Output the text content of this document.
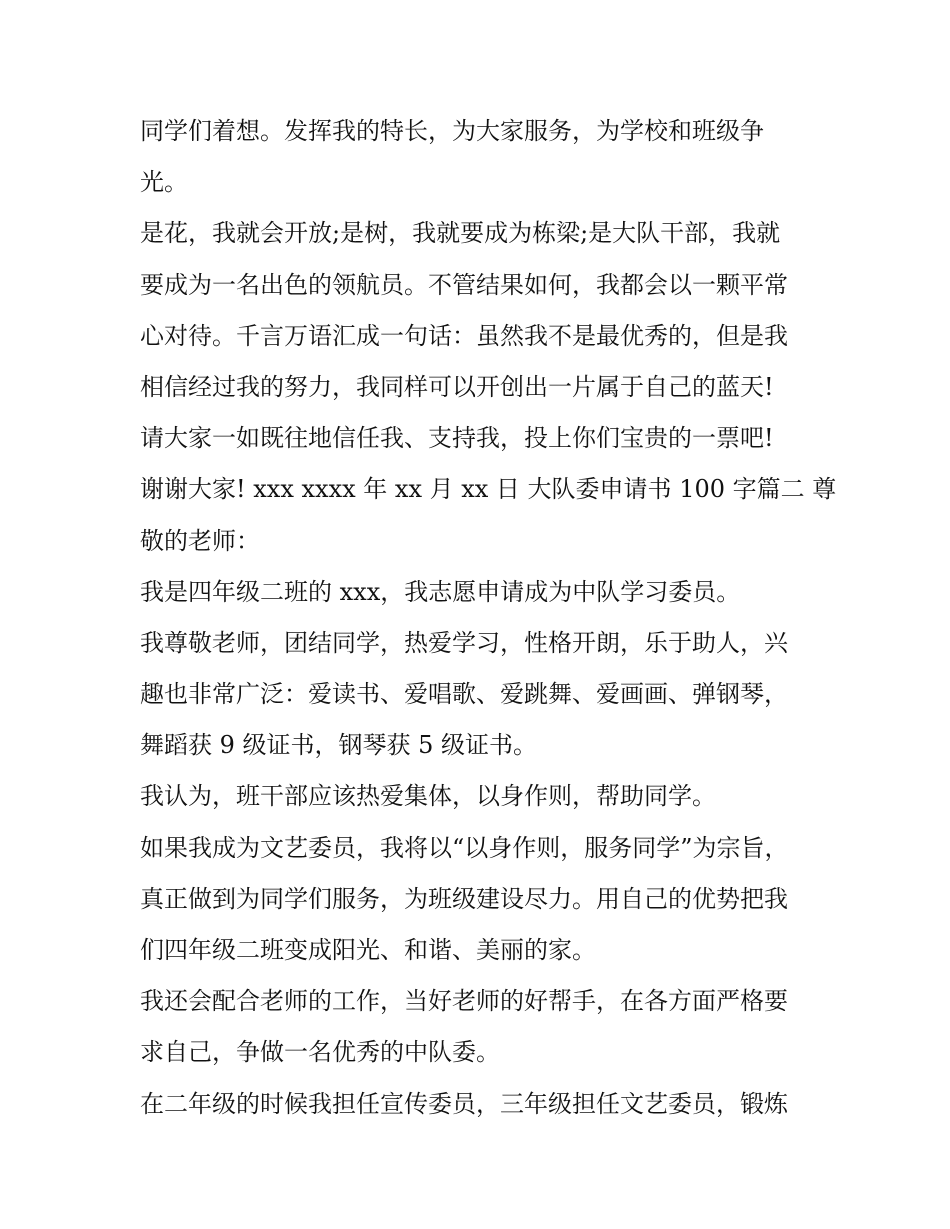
同学们着想。发挥我的特长，为大家服务，为学校和班级争
光。
是花，我就会开放;是树，我就要成为栋梁;是大队干部，我就
要成为一名出色的领航员。不管结果如何，我都会以一颗平常
心对待。千言万语汇成一句话：虽然我不是最优秀的，但是我
相信经过我的努力，我同样可以开创出一片属于自己的蓝天!
请大家一如既往地信任我、支持我，投上你们宝贵的一票吧!
谢谢大家! xxx xxxx 年 xx 月 xx 日 大队委申请书 100 字篇二 尊
敬的老师：
我是四年级二班的 xxx，我志愿申请成为中队学习委员。
我尊敬老师，团结同学，热爱学习，性格开朗，乐于助人，兴
趣也非常广泛：爱读书、爱唱歌、爱跳舞、爱画画、弹钢琴，
舞蹈获 9 级证书，钢琴获 5 级证书。
我认为，班干部应该热爱集体，以身作则，帮助同学。
如果我成为文艺委员，我将以“以身作则，服务同学”为宗旨，
真正做到为同学们服务，为班级建设尽力。用自己的优势把我
们四年级二班变成阳光、和谐、美丽的家。
我还会配合老师的工作，当好老师的好帮手，在各方面严格要
求自己，争做一名优秀的中队委。
在二年级的时候我担任宣传委员，三年级担任文艺委员，锻炼
